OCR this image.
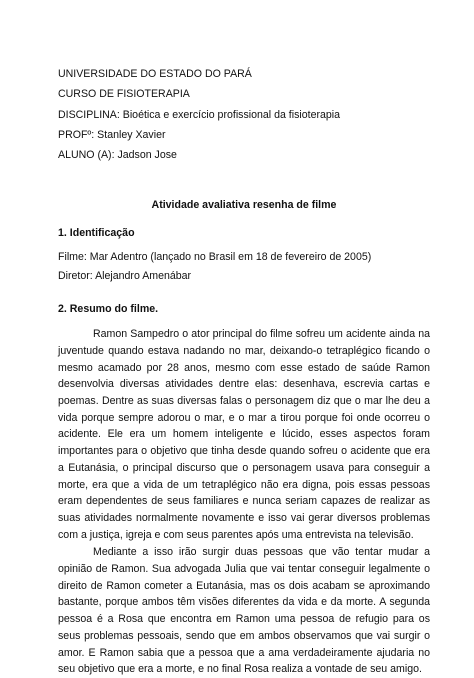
UNIVERSIDADE DO ESTADO DO PARÁ
CURSO DE FISIOTERAPIA
DISCIPLINA: Bioética e exercício profissional da fisioterapia
PROFº: Stanley Xavier
ALUNO (A): Jadson Jose
Atividade avaliativa resenha de filme
1. Identificação
Filme: Mar Adentro (lançado no Brasil em 18 de fevereiro de 2005)
Diretor: Alejandro Amenábar
2. Resumo do filme.

Ramon Sampedro o ator principal do filme sofreu um acidente ainda na juventude quando estava nadando no mar, deixando-o tetraplégico ficando o mesmo acamado por 28 anos, mesmo com esse estado de saúde Ramon desenvolvia diversas atividades dentre elas: desenhava, escrevia cartas e poemas. Dentre as suas diversas falas o personagem diz que o mar lhe deu a vida porque sempre adorou o mar, e o mar a tirou porque foi onde ocorreu o acidente. Ele era um homem inteligente e lúcido, esses aspectos foram importantes para o objetivo que tinha desde quando sofreu o acidente que era a Eutanásia, o principal discurso que o personagem usava para conseguir a morte, era que a vida de um tetraplégico não era digna, pois essas pessoas eram dependentes de seus familiares e nunca seriam capazes de realizar as suas atividades normalmente novamente e isso vai gerar diversos problemas com a justiça, igreja e com seus parentes após uma entrevista na televisão.

Mediante a isso irão surgir duas pessoas que vão tentar mudar a opinião de Ramon. Sua advogada Julia que vai tentar conseguir legalmente o direito de Ramon cometer a Eutanásia, mas os dois acabam se aproximando bastante, porque ambos têm visões diferentes da vida e da morte. A segunda pessoa é a Rosa que encontra em Ramon uma pessoa de refugio para os seus problemas pessoais, sendo que em ambos observamos que vai surgir o amor. E Ramon sabia que a pessoa que a ama verdadeiramente ajudaria no seu objetivo que era a morte, e no final Rosa realiza a vontade de seu amigo.
